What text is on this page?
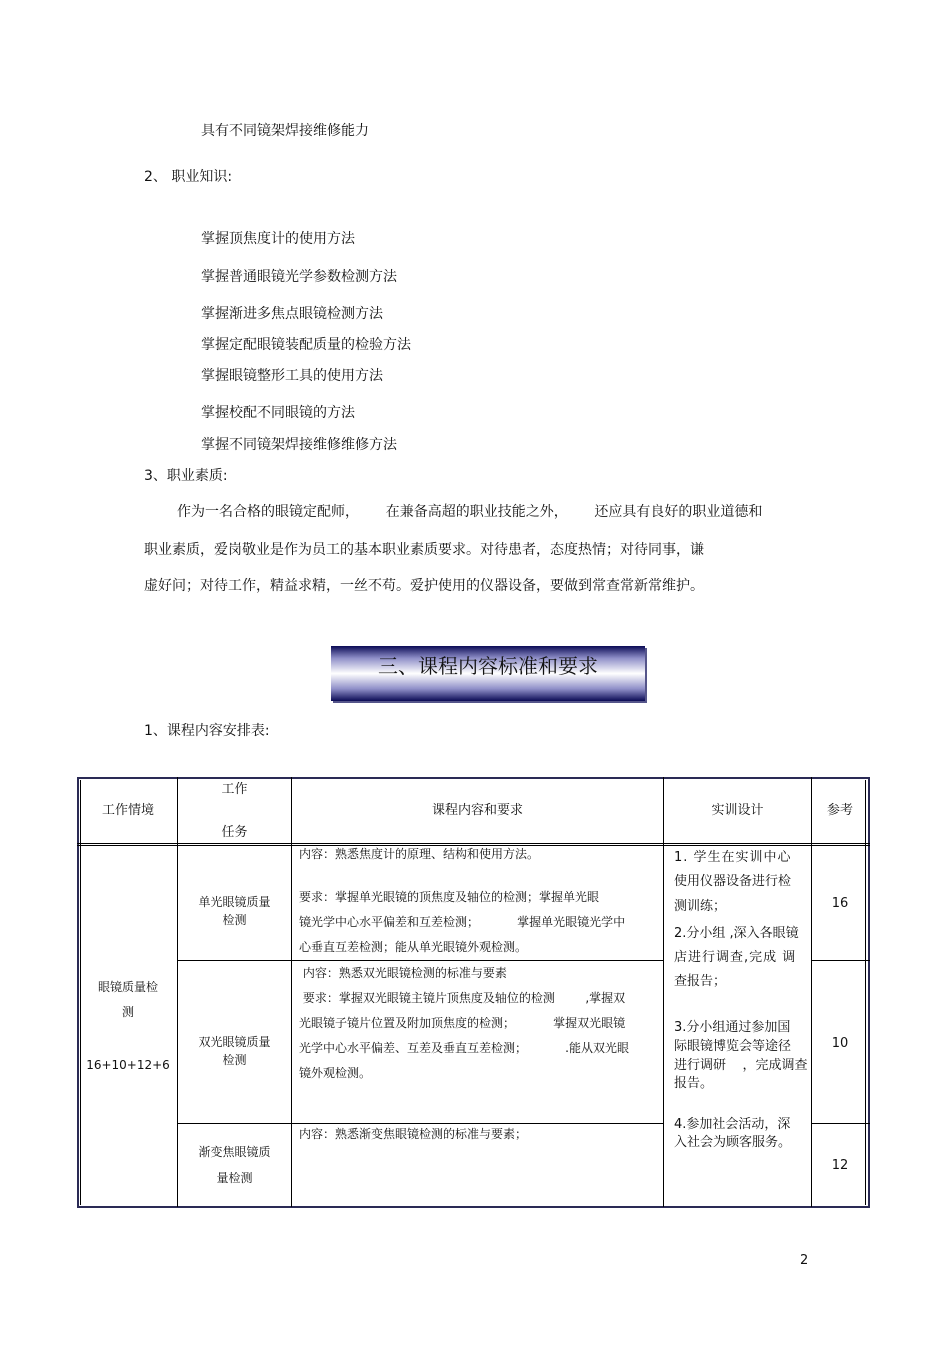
具有不同镜架焊接维修能力
2、 职业知识:
掌握顶焦度计的使用方法
掌握普通眼镜光学参数检测方法
掌握渐进多焦点眼镜检测方法
掌握定配眼镜装配质量的检验方法
掌握眼镜整形工具的使用方法
掌握校配不同眼镜的方法
掌握不同镜架焊接维修维修方法
3、职业素质:
作为一名合格的眼镜定配师，      在兼备高超的职业技能之外，      还应具有良好的职业道德和
职业素质，爱岗敬业是作为员工的基本职业素质要求。对待患者，态度热情；对待同事，谦
虚好问；对待工作，精益求精，一丝不苟。爱护使用的仪器设备，要做到常查常新常维护。
三、课程内容标准和要求
1、课程内容安排表:
工作情境
工作
任务
课程内容和要求	实训设计	参考
眼镜质量检
测
16+10+12+6
单光眼镜质量
检测
内容：熟悉焦度计的原理、结构和使用方法。
要求：掌握单光眼镜的顶焦度及轴位的检测；掌握单光眼
镜光学中心水平偏差和互差检测；          掌握单光眼镜光学中
心垂直互差检测；能从单光眼镜外观检测。
16
双光眼镜质量
检测
内容：熟悉双光眼镜检测的标准与要素
要求：掌握双光眼镜主镜片顶焦度及轴位的检测        ,掌握双
光眼镜子镜片位置及附加顶焦度的检测；          掌握双光眼镜
光学中心水平偏差、互差及垂直互差检测；          .能从双光眼
镜外观检测。
10
渐变焦眼镜质
量检测
内容：熟悉渐变焦眼镜检测的标准与要素；
12
1. 学生在实训中心
使用仪器设备进行检
测训练；
2.分小组 ,深入各眼镜
店进行调查,完成 调
查报告；
3.分小组通过参加国
际眼镜博览会等途径
进行调研    ，完成调查
报告。
4.参加社会活动，深
入社会为顾客服务。
2
